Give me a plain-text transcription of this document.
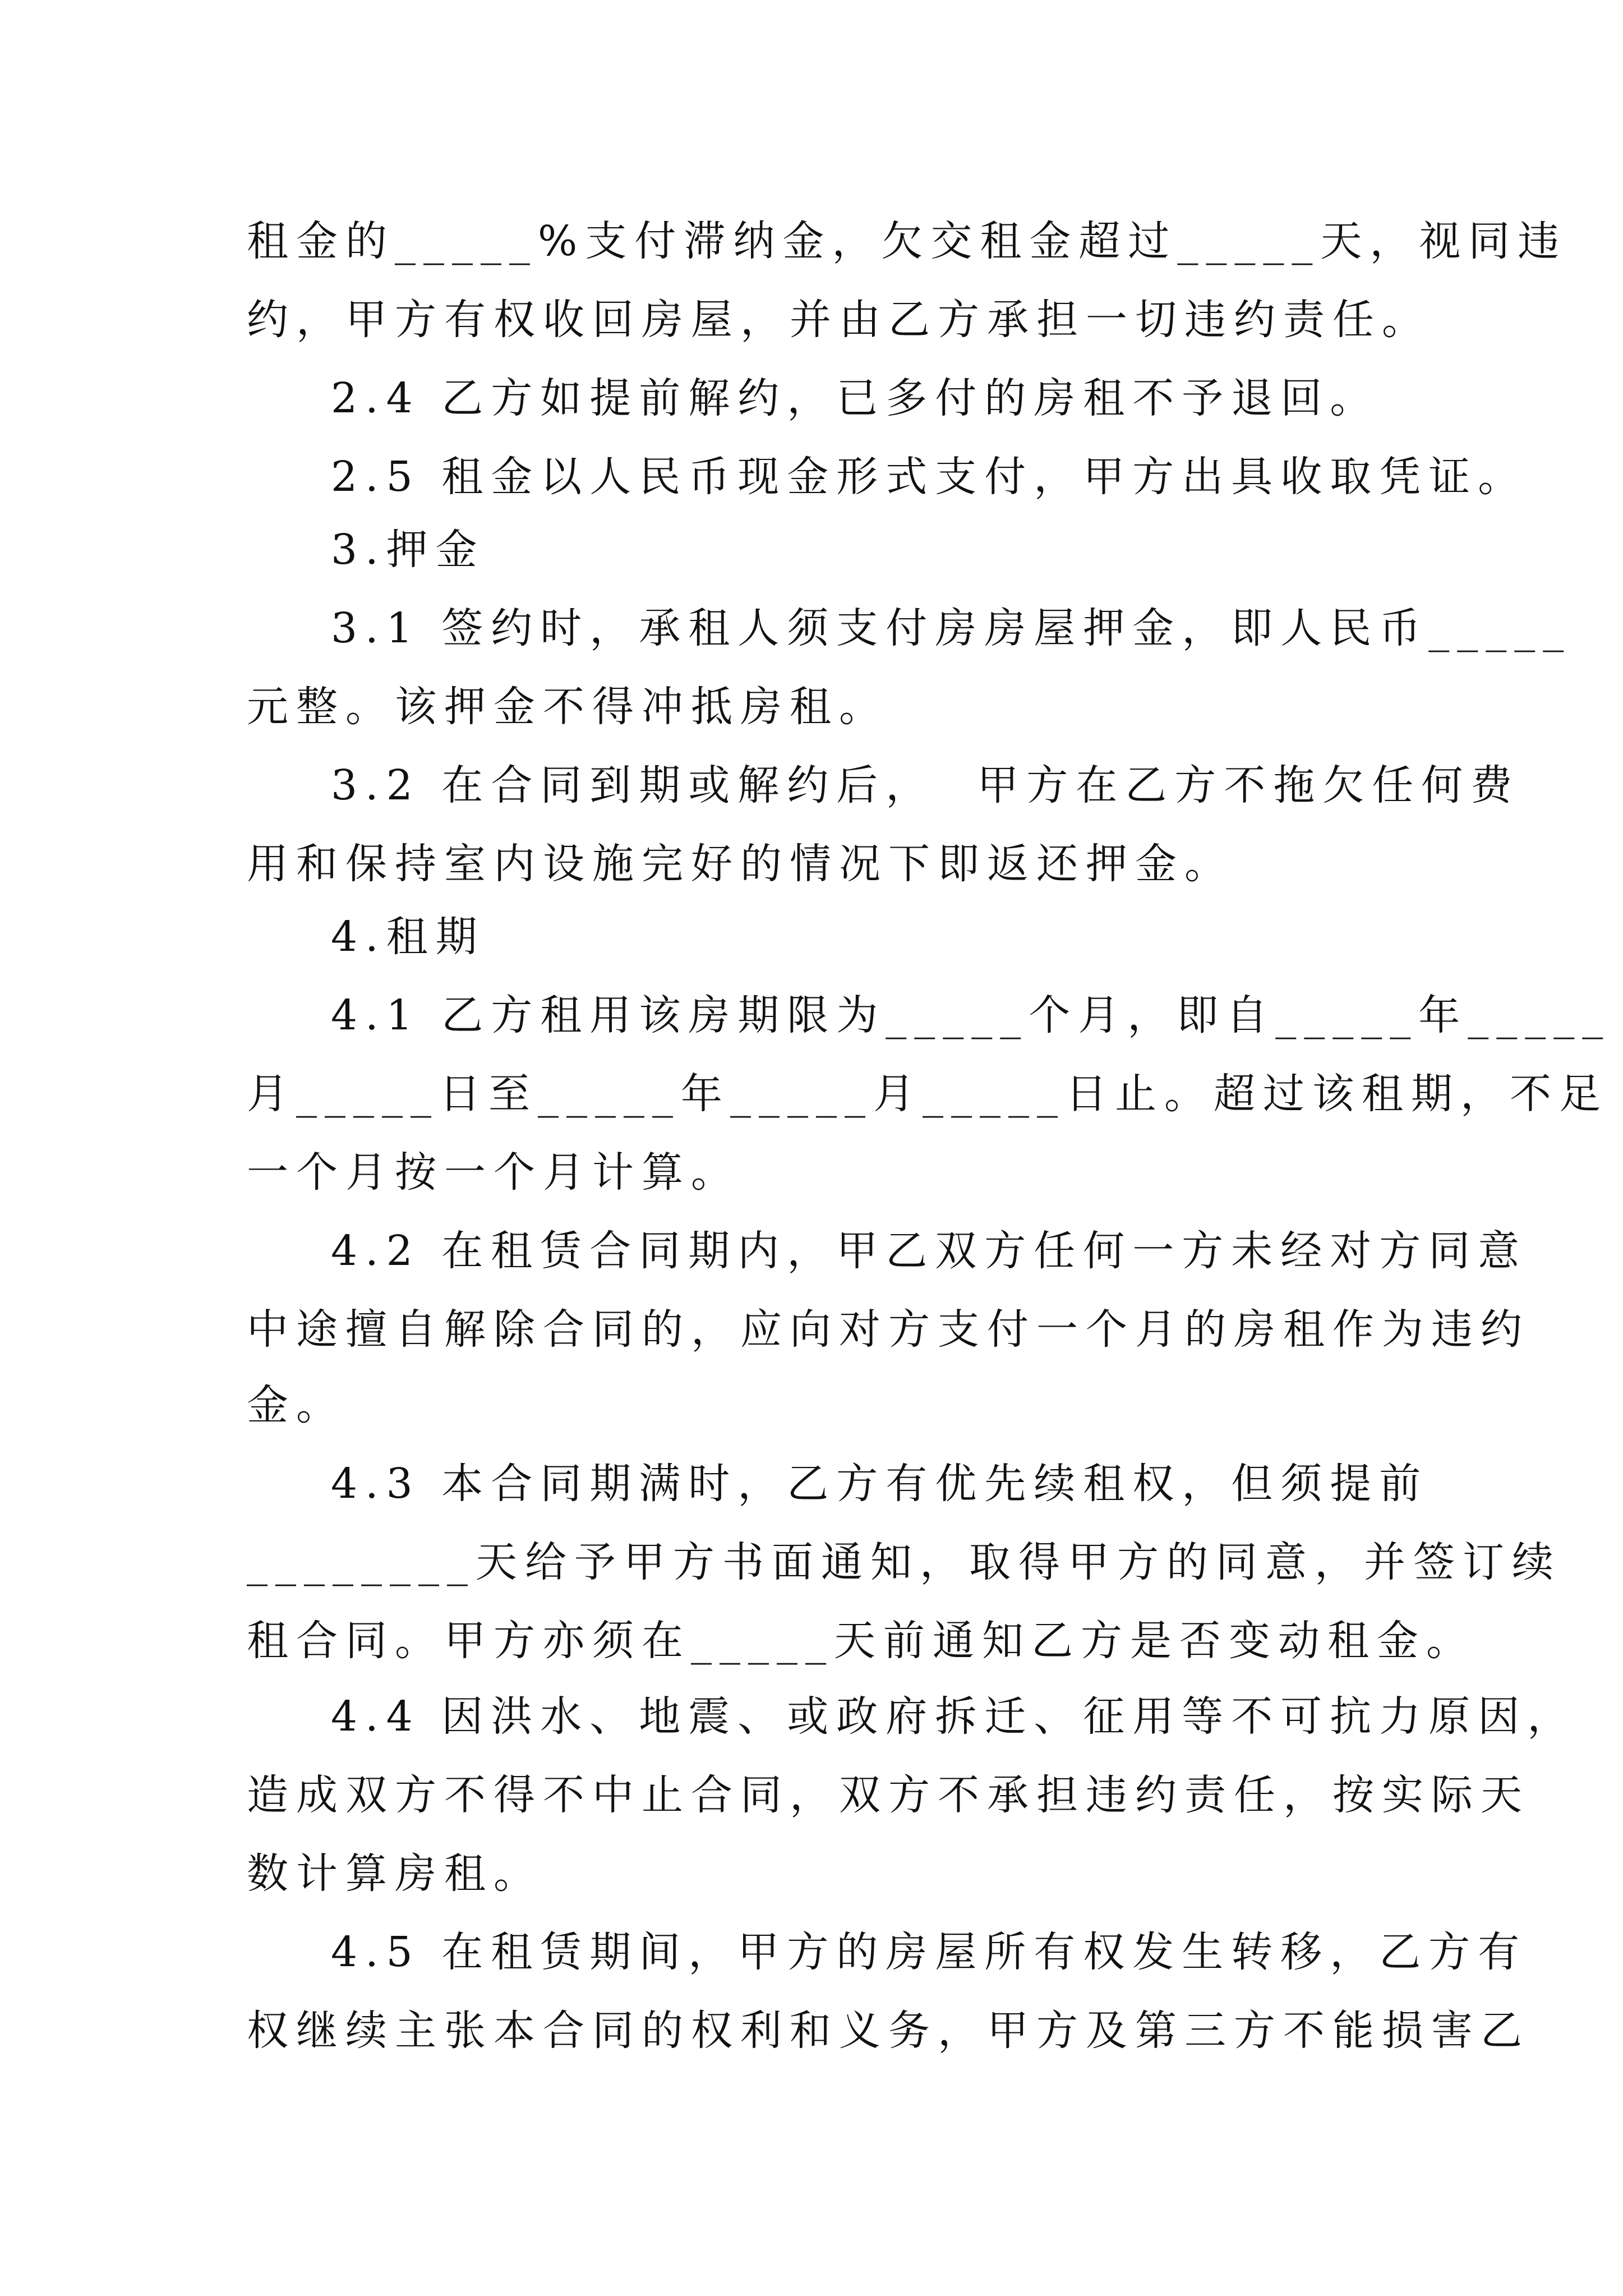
租金的_____%支付滞纳金，欠交租金超过_____天，视同违
约，甲方有权收回房屋，并由乙方承担一切违约责任。
2.4 乙方如提前解约，已多付的房租不予退回。
2.5 租金以人民币现金形式支付，甲方出具收取凭证。
3.押金
3.1 签约时，承租人须支付房房屋押金，即人民币_____
元整。该押金不得冲抵房租。
3.2 在合同到期或解约后，  甲方在乙方不拖欠任何费
用和保持室内设施完好的情况下即返还押金。
4.租期
4.1 乙方租用该房期限为_____个月，即自_____年_____
月_____日至_____年_____月_____日止。超过该租期，不足
一个月按一个月计算。
4.2 在租赁合同期内，甲乙双方任何一方未经对方同意
中途擅自解除合同的，应向对方支付一个月的房租作为违约
金。
4.3 本合同期满时，乙方有优先续租权，但须提前
________天给予甲方书面通知，取得甲方的同意，并签订续
租合同。甲方亦须在_____天前通知乙方是否变动租金。
4.4 因洪水、地震、或政府拆迁、征用等不可抗力原因，
造成双方不得不中止合同，双方不承担违约责任，按实际天
数计算房租。
4.5 在租赁期间，甲方的房屋所有权发生转移，乙方有
权继续主张本合同的权利和义务，甲方及第三方不能损害乙
